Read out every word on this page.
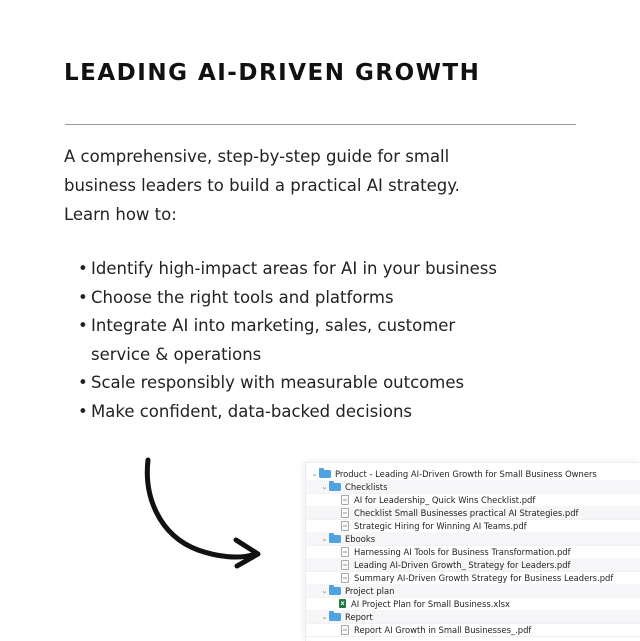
LEADING AI-DRIVEN GROWTH

A comprehensive, step-by-step guide for small
business leaders to build a practical AI strategy.
Learn how to:

• Identify high-impact areas for AI in your business
• Choose the right tools and platforms
• Integrate AI into marketing, sales, customer service & operations
• Scale responsibly with measurable outcomes
• Make confident, data-backed decisions
⌄ Product - Leading AI-Driven Growth for Small Business Owners
⌄ Checklists
AI for Leadership_ Quick Wins Checklist.pdf
Checklist Small Businesses practical AI Strategies.pdf
Strategic Hiring for Winning AI Teams.pdf
⌄ Ebooks
Harnessing AI Tools for Business Transformation.pdf
Leading AI-Driven Growth_ Strategy for Leaders.pdf
Summary AI-Driven Growth Strategy for Business Leaders.pdf
⌄ Project plan
x AI Project Plan for Small Business.xlsx
⌄ Report
Report AI Growth in Small Businesses_.pdf
